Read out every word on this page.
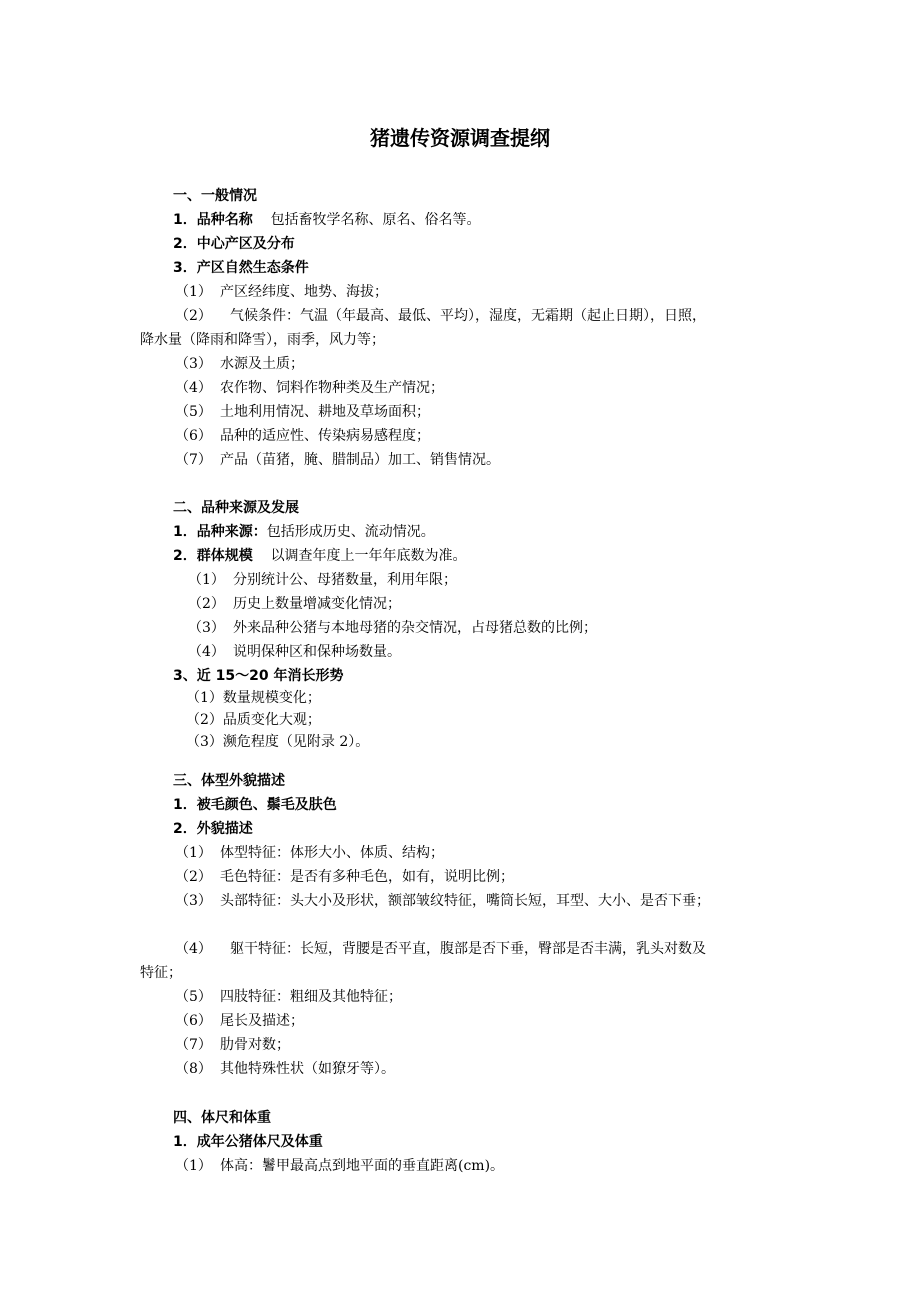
猪遗传资源调查提纲
一、一般情况
1．品种名称 包括畜牧学名称、原名、俗名等。
2．中心产区及分布
3．产区自然生态条件
（1） 产区经纬度、地势、海拔；
（2） 气候条件：气温（年最高、最低、平均），湿度，无霜期（起止日期），日照，
降水量（降雨和降雪），雨季，风力等；
（3） 水源及土质；
（4） 农作物、饲料作物种类及生产情况；
（5） 土地利用情况、耕地及草场面积；
（6） 品种的适应性、传染病易感程度；
（7） 产品（苗猪，腌、腊制品）加工、销售情况。
二、品种来源及发展
1．品种来源：包括形成历史、流动情况。
2．群体规模 以调查年度上一年年底数为准。
（1） 分别统计公、母猪数量，利用年限；
（2） 历史上数量增减变化情况；
（3） 外来品种公猪与本地母猪的杂交情况，占母猪总数的比例；
（4） 说明保种区和保种场数量。
3、近 15～20 年消长形势
（1）数量规模变化；
（2）品质变化大观；
（3）濒危程度（见附录 2）。
三、体型外貌描述
1．被毛颜色、鬃毛及肤色
2．外貌描述
（1） 体型特征：体形大小、体质、结构；
（2） 毛色特征：是否有多种毛色，如有，说明比例；
（3） 头部特征：头大小及形状，额部皱纹特征，嘴筒长短，耳型、大小、是否下垂；
（4） 躯干特征：长短，背腰是否平直，腹部是否下垂，臀部是否丰满，乳头对数及
特征；
（5） 四肢特征：粗细及其他特征；
（6） 尾长及描述；
（7） 肋骨对数；
（8） 其他特殊性状（如獠牙等）。
四、体尺和体重
1．成年公猪体尺及体重
（1） 体高：鬐甲最高点到地平面的垂直距离(cm)。
